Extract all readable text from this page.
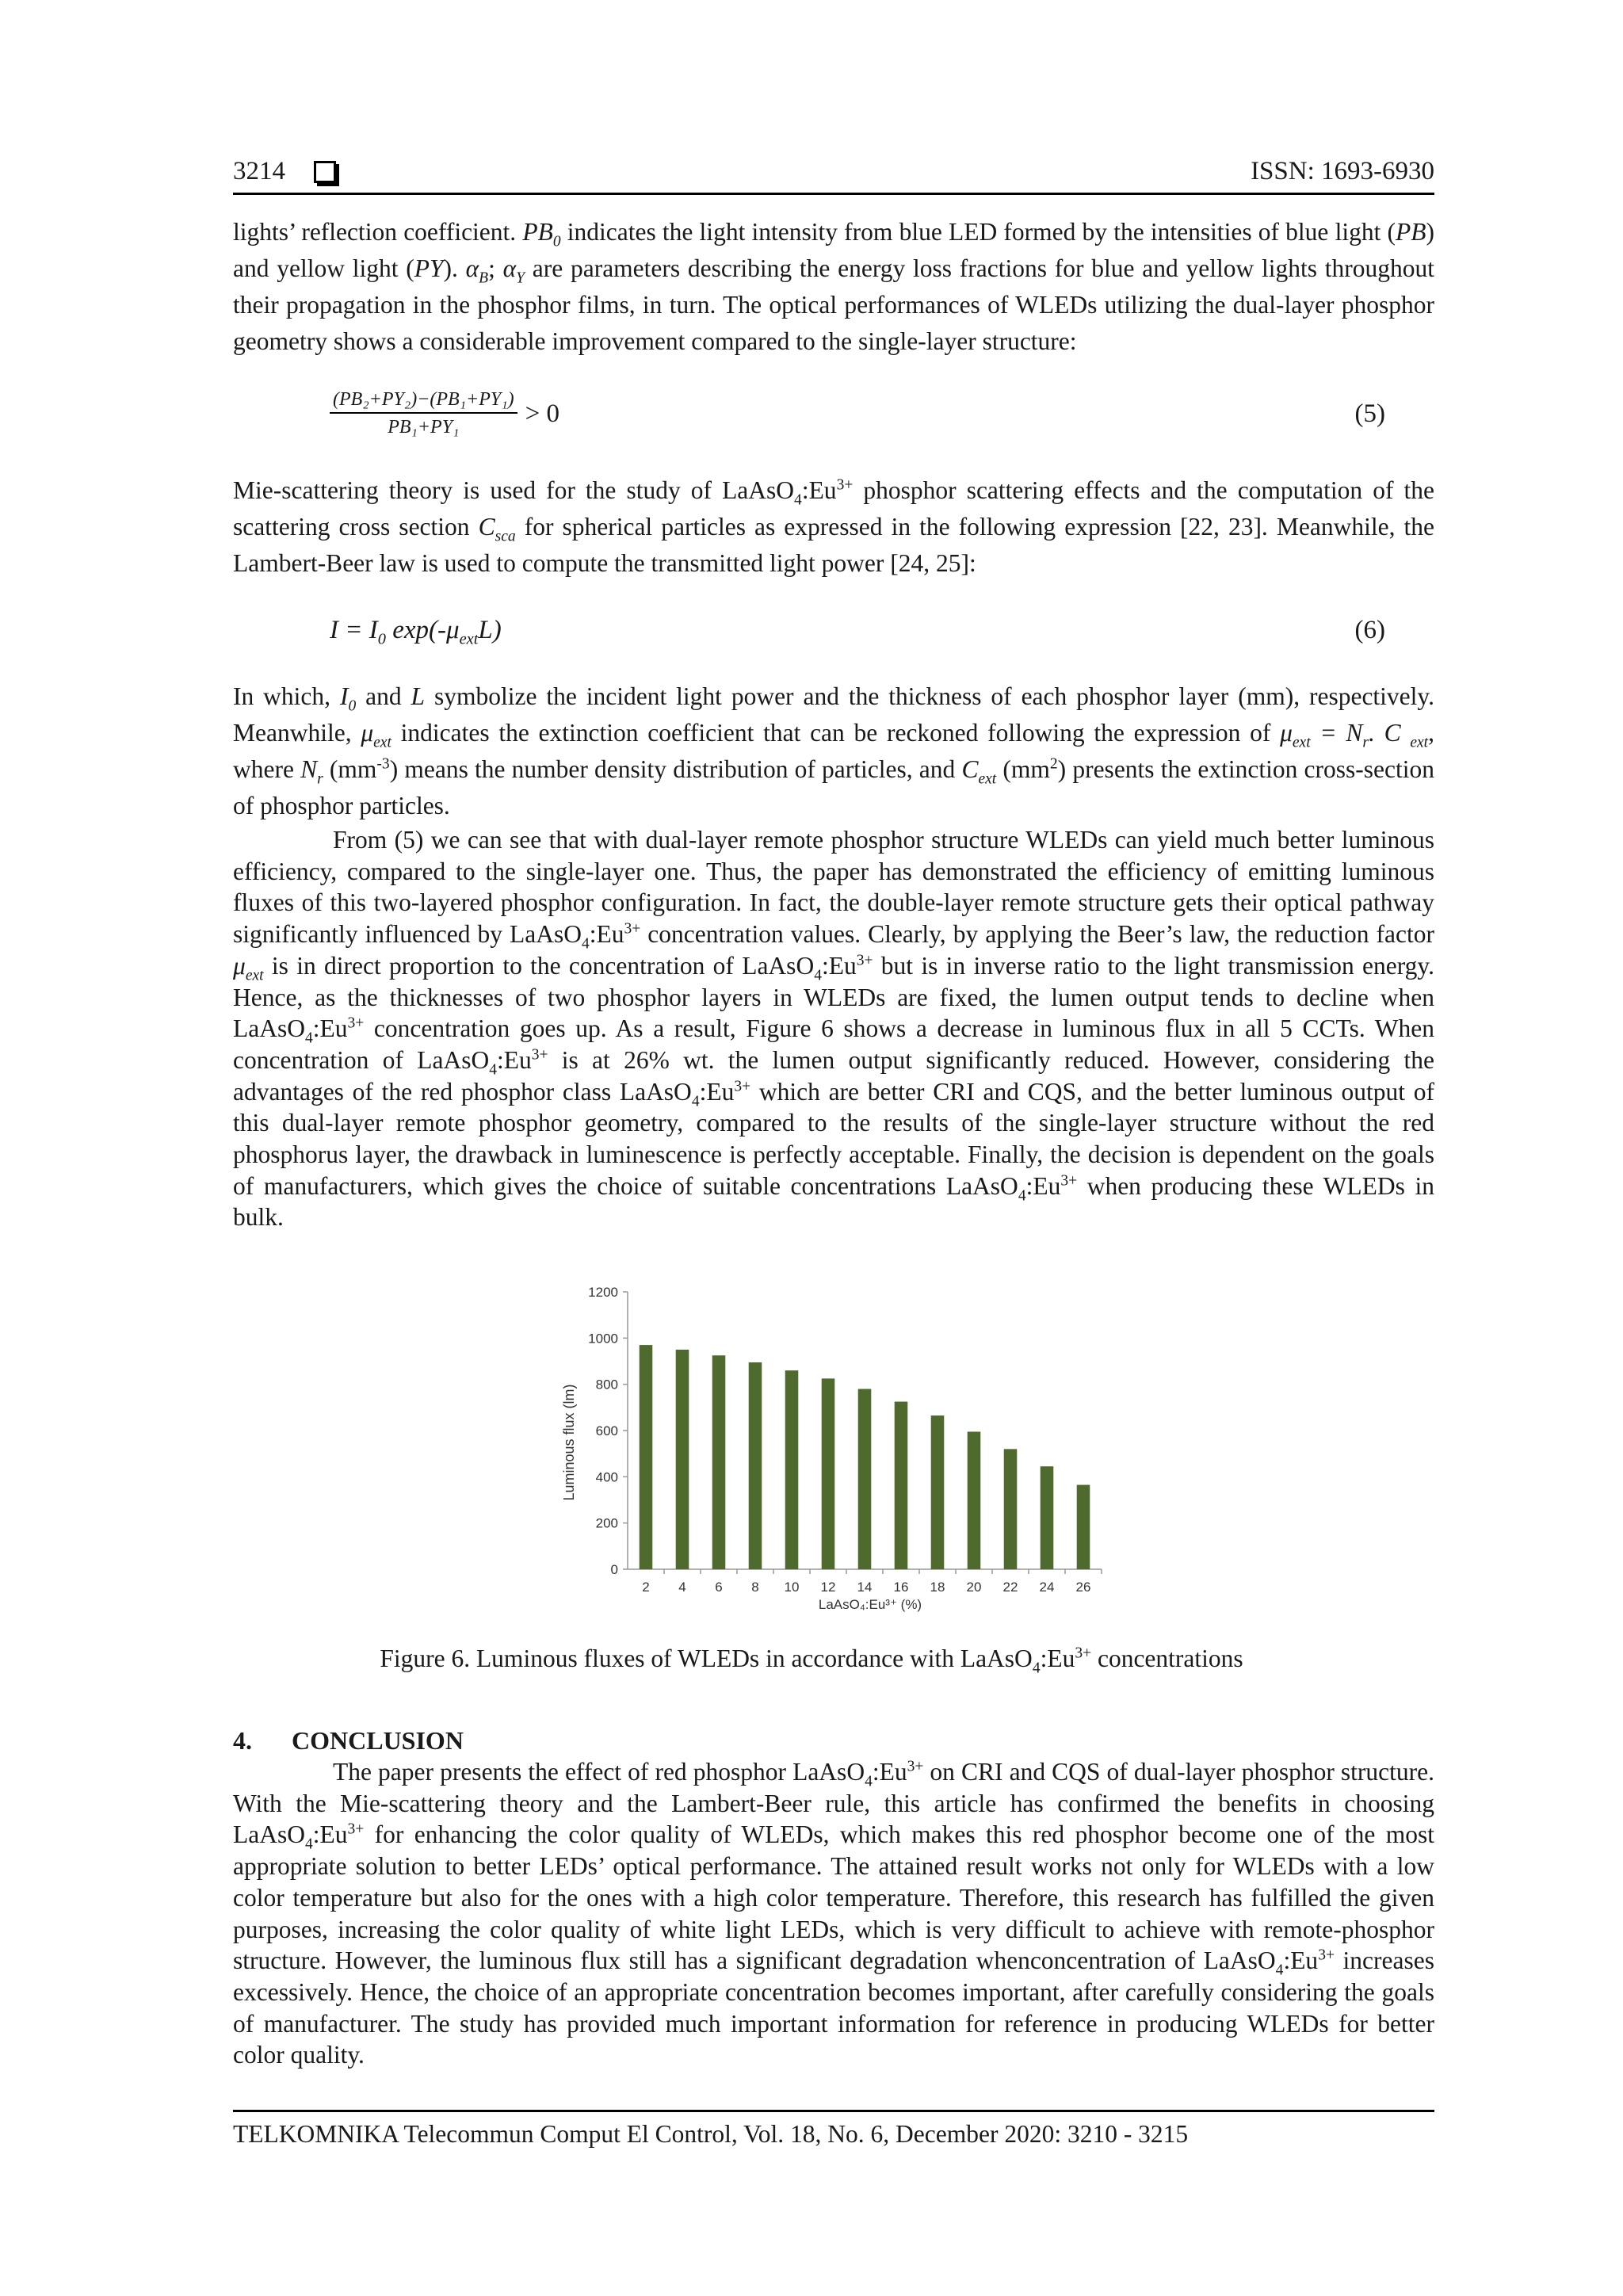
3214	ISSN: 1693-6930

lights’ reflection coefficient. $PB_0$ indicates the light intensity from blue LED formed by the intensities of blue light (PB) and yellow light (PY). $\alpha_B$; $\alpha_Y$ are parameters describing the energy loss fractions for blue and yellow lights throughout their propagation in the phosphor films, in turn. The optical performances of WLEDs utilizing the dual-layer phosphor geometry shows a considerable improvement compared to the single-layer structure:

$\frac{\text{(PB₂+PY₂)−(PB₁+PY₁)}}{\text{PB₁+PY₁}} > 0$	(5)

Mie-scattering theory is used for the study of $LaAsO_4:Eu^{3+}$ phosphor scattering effects and the computation of the scattering cross section $C_{sca}$ for spherical particles as expressed in the following expression [22, 23]. Meanwhile, the Lambert-Beer law is used to compute the transmitted light power [24, 25]:

$I = I_0$ $\exp(-\mu_{ext}L)$	(6)

In which, $I_0$ and L symbolize the incident light power and the thickness of each phosphor layer (mm), respectively. Meanwhile, $\mu_{ext}$ indicates the extinction coefficient that can be reckoned following the expression of $\mu_{ext} = N_r$. C $_{ext}$, where $N_r$ $(mm^{-3})$ means the number density distribution of particles, and $C_{ext}$ $(mm^2)$ presents the extinction cross-section of phosphor particles.

From (5) we can see that with dual-layer remote phosphor structure WLEDs can yield much better luminous efficiency, compared to the single-layer one. Thus, the paper has demonstrated the efficiency of emitting luminous fluxes of this two-layered phosphor configuration. In fact, the double-layer remote structure gets their optical pathway significantly influenced by $LaAsO_4:Eu^{3+}$ concentration values. Clearly, by applying the Beer’s law, the reduction factor $\mu_{ext}$ is in direct proportion to the concentration of $LaAsO_4:Eu^{3+}$ but is in inverse ratio to the light transmission energy. Hence, as the thicknesses of two phosphor layers in WLEDs are fixed, the lumen output tends to decline when $LaAsO_4:Eu^{3+}$ concentration goes up. As a result, Figure 6 shows a decrease in luminous flux in all 5 CCTs. When concentration of $LaAsO_4:Eu^{3+}$ is at 26% wt. the lumen output significantly reduced. However, considering the advantages of the red phosphor class $LaAsO_4:Eu^{3+}$ which are better CRI and CQS, and the better luminous output of this dual-layer remote phosphor geometry, compared to the results of the single-layer structure without the red phosphorus layer, the drawback in luminescence is perfectly acceptable. Finally, the decision is dependent on the goals of manufacturers, which gives the choice of suitable concentrations $LaAsO_4:Eu^{3+}$ when producing these WLEDs in bulk.

Luminous flux (lm)
LaAsO₄:Eu³⁺ (%)
0
200
400
600
800
1000
1200
2 4 6 8 10 12 14 16 18 20 22 24 26
Figure 6. Luminous fluxes of WLEDs in accordance with $LaAsO_4:Eu^{3+}$ concentrations
4. CONCLUSION

The paper presents the effect of red phosphor $LaAsO_4:Eu^{3+}$ on CRI and CQS of dual-layer phosphor structure. With the Mie-scattering theory and the Lambert-Beer rule, this article has confirmed the benefits in choosing $LaAsO_4:Eu^{3+}$ for enhancing the color quality of WLEDs, which makes this red phosphor become one of the most appropriate solution to better LEDs’ optical performance. The attained result works not only for WLEDs with a low color temperature but also for the ones with a high color temperature. Therefore, this research has fulfilled the given purposes, increasing the color quality of white light LEDs, which is very difficult to achieve with remote-phosphor structure. However, the luminous flux still has a significant degradation whenconcentration of $LaAsO_4:Eu^{3+}$ increases excessively. Hence, the choice of an appropriate concentration becomes important, after carefully considering the goals of manufacturer. The study has provided much important information for reference in producing WLEDs for better color quality.

TELKOMNIKA Telecommun Comput El Control, Vol. 18, No. 6, December 2020: 3210 - 3215
